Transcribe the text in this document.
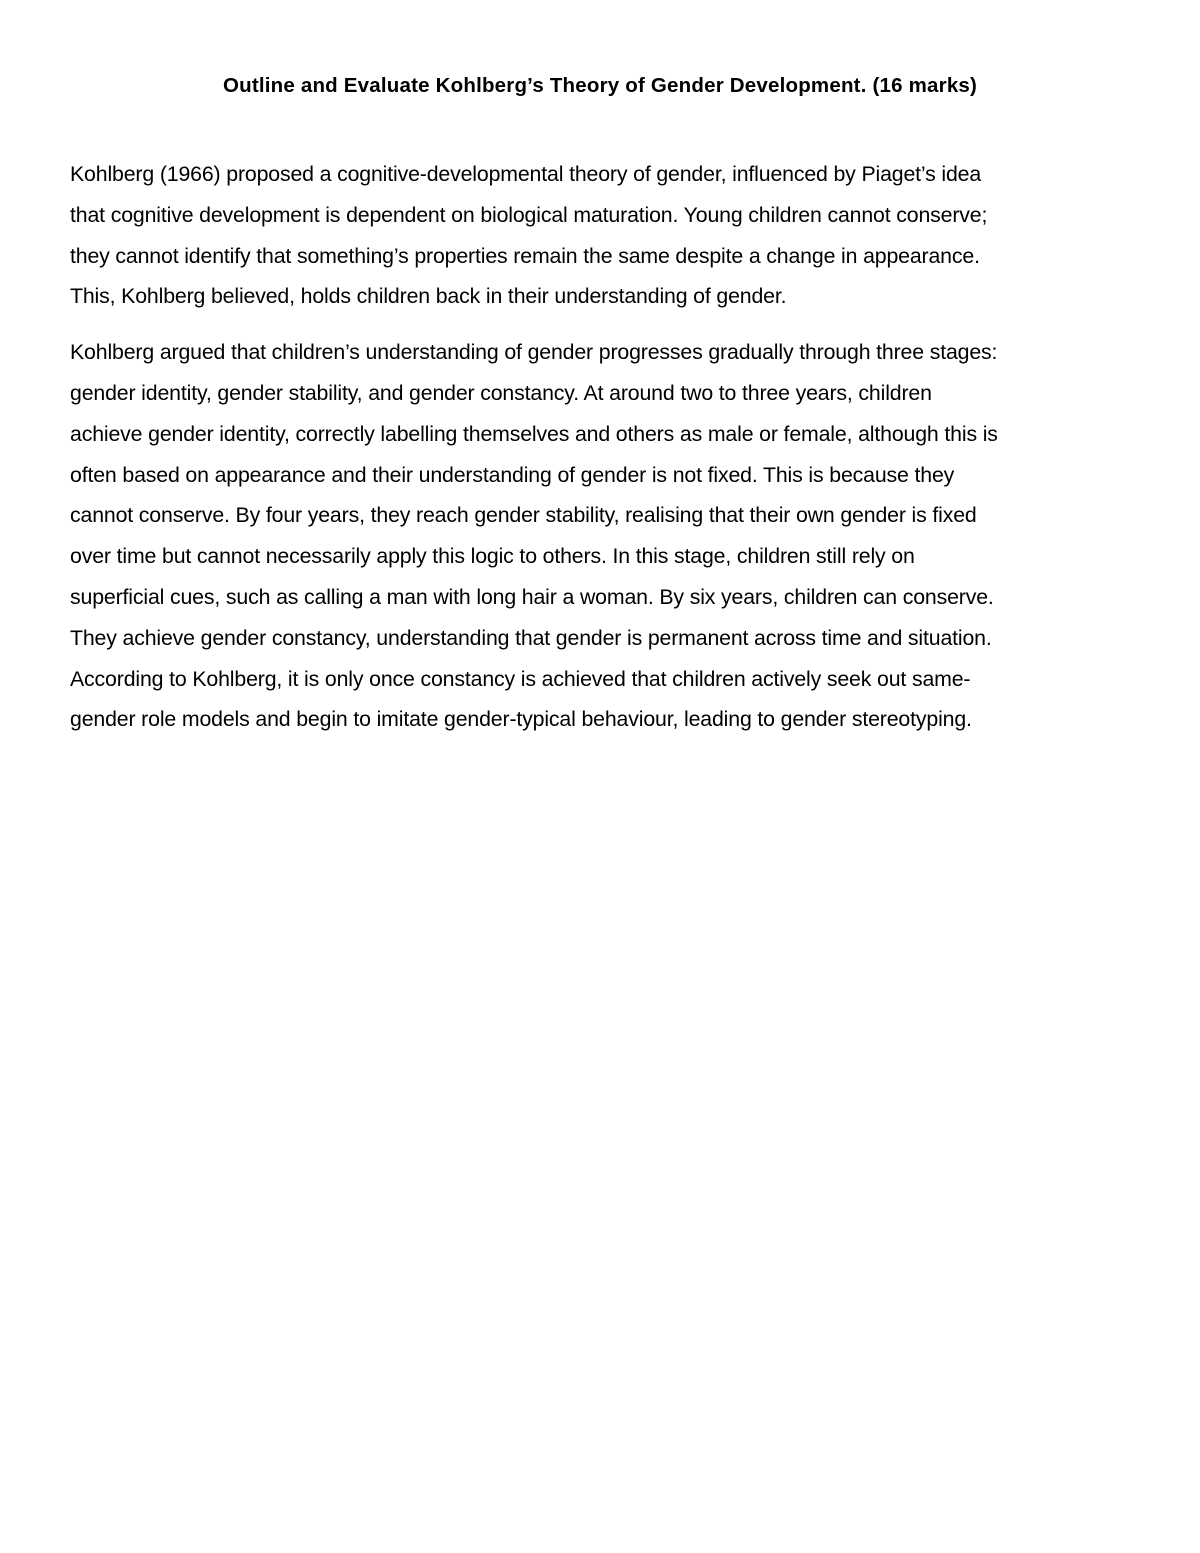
Outline and Evaluate Kohlberg’s Theory of Gender Development. (16 marks)

Kohlberg (1966) proposed a cognitive-developmental theory of gender, influenced by Piaget’s idea
that cognitive development is dependent on biological maturation. Young children cannot conserve;
they cannot identify that something’s properties remain the same despite a change in appearance.
This, Kohlberg believed, holds children back in their understanding of gender.

Kohlberg argued that children’s understanding of gender progresses gradually through three stages:
gender identity, gender stability, and gender constancy. At around two to three years, children
achieve gender identity, correctly labelling themselves and others as male or female, although this is
often based on appearance and their understanding of gender is not fixed. This is because they
cannot conserve. By four years, they reach gender stability, realising that their own gender is fixed
over time but cannot necessarily apply this logic to others. In this stage, children still rely on
superficial cues, such as calling a man with long hair a woman. By six years, children can conserve.
They achieve gender constancy, understanding that gender is permanent across time and situation.
According to Kohlberg, it is only once constancy is achieved that children actively seek out same-
gender role models and begin to imitate gender-typical behaviour, leading to gender stereotyping.
